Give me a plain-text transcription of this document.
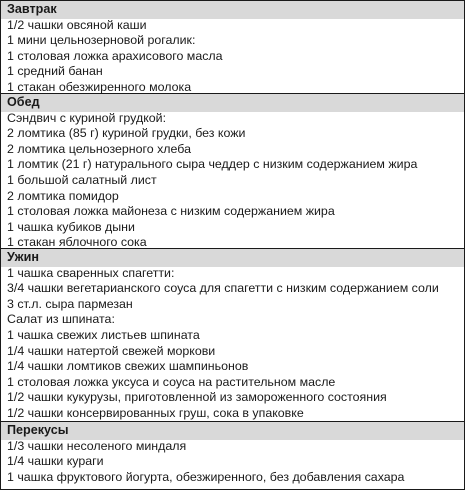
Завтрак
1/2 чашки овсяной каши
1 мини цельнозерновой рогалик:
1 столовая ложка арахисового масла
1 средний банан
1 стакан обезжиренного молока
Обед
Сэндвич с куриной грудкой:
2 ломтика (85 г) куриной грудки, без кожи
2 ломтика цельнозерного хлеба
1 ломтик (21 г) натурального сыра чеддер с низким содержанием жира
1 большой салатный лист
2 ломтика помидор
1 столовая ложка майонеза с низким содержанием жира
1 чашка кубиков дыни
1 стакан яблочного сока
Ужин
1 чашка сваренных спагетти:
3/4 чашки вегетарианского соуса для спагетти с низким содержанием соли
3 ст.л. сыра пармезан
Салат из шпината:
1 чашка свежих листьев шпината
1/4 чашки натертой свежей моркови
1/4 чашки ломтиков свежих шампиньонов
1 столовая ложка уксуса и соуса на растительном масле
1/2 чашки кукурузы, приготовленной из замороженного состояния
1/2 чашки консервированных груш, сока в упаковке
Перекусы
1/3 чашки несоленого миндаля
1/4 чашки кураги
1 чашка фруктового йогурта, обезжиренного, без добавления сахара
